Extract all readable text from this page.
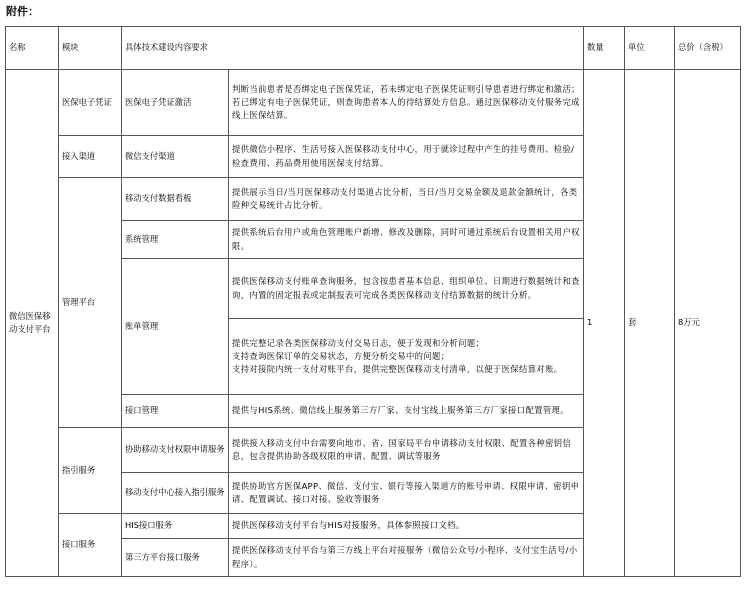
附件：
名称	模块	具体技术建设内容要求		数量	单位	总价（含税）
微信医保移动支付平台	医保电子凭证	医保电子凭证激活	判断当前患者是否绑定电子医保凭证，若未绑定电子医保凭证则引导患者进行绑定和激活；若已绑定有电子医保凭证，则查询患者本人的待结算处方信息。通过医保移动支付服务完成线上医保结算。	1	套	8万元
	接入渠道	微信支付渠道	提供微信小程序、生活号接入医保移动支付中心，用于就诊过程中产生的挂号费用、检验/检查费用、药品费用使用医保支付结算。			

	管理平台	移动支付数据看板	提供展示当日/当月医保移动支付渠道占比分析，当日/当月交易金额及退款金额统计，各类险种交易统计占比分析。			

		系统管理	提供系统后台用户或角色管理账户新增、修改及删除，同时可通过系统后台设置相关用户权限。			

		账单管理	提供医保移动支付账单查询服务，包含按患者基本信息、组织单位、日期进行数据统计和查询，内置的固定报表或定制报表可完成各类医保移动支付结算数据的统计分析。			

			提供完整记录各类医保移动支付交易日志，便于发现和分析问题；

支持查询医保订单的交易状态，方便分析交易中的问题；

支持对接院内统一支付对账平台，提供完整医保移动支付清单，以便于医保结算对账。			

		接口管理	提供与HIS系统、微信线上服务第三方厂家、支付宝线上服务第三方厂家接口配置管理。			

	指引服务	协助移动支付权限申请服务	提供接入移动支付中台需要向地市、省、国家局平台申请移动支付权限、配置各种密钥信息，包含提供协助各级权限的申请、配置、调试等服务			

		移动支付中心接入指引服务	提供协助官方医保APP、微信、支付宝、银行等接入渠道方的账号申请、权限申请、密钥申请、配置调试、接口对接、验收等服务			

	接口服务	HIS接口服务	提供医保移动支付平台与HIS对接服务，具体参照接口文档。			

		第三方平台接口服务	提供医保移动支付平台与第三方线上平台对接服务（微信公众号/小程序、支付宝生活号/小程序）。			
